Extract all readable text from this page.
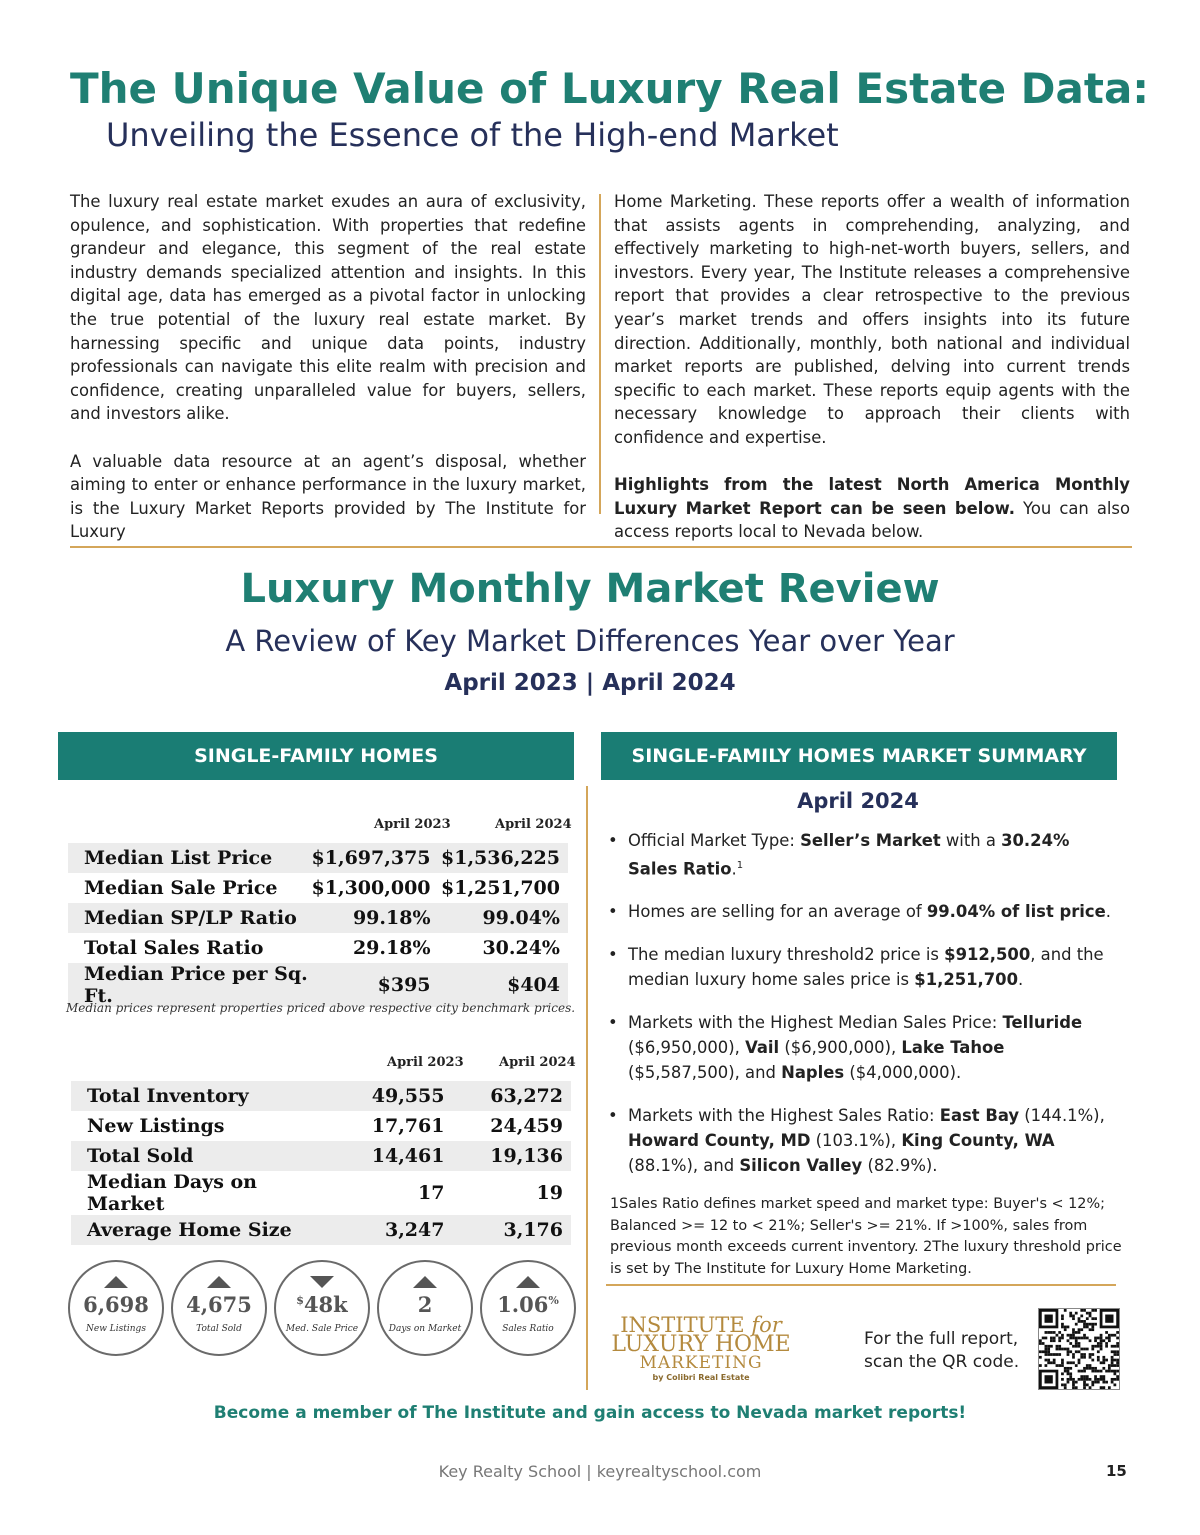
The Unique Value of Luxury Real Estate Data:
Unveiling the Essence of the High-end Market

The luxury real estate market exudes an aura of exclusivity, opulence, and sophistication. With properties that redefine grandeur and elegance, this segment of the real estate industry demands specialized attention and insights. In this digital age, data has emerged as a pivotal factor in unlocking the true potential of the luxury real estate market. By harnessing specific and unique data points, industry professionals can navigate this elite realm with precision and confidence, creating unparalleled value for buyers, sellers, and investors alike.

A valuable data resource at an agent’s disposal, whether aiming to enter or enhance performance in the luxury market, is the Luxury Market Reports provided by The Institute for Luxury

Home Marketing. These reports offer a wealth of information that assists agents in comprehending, analyzing, and effectively marketing to high-net-worth buyers, sellers, and investors. Every year, The Institute releases a comprehensive report that provides a clear retrospective to the previous year’s market trends and offers insights into its future direction. Additionally, monthly, both national and individual market reports are published, delving into current trends specific to each market. These reports equip agents with the necessary knowledge to approach their clients with confidence and expertise.

Highlights from the latest North America Monthly Luxury Market Report can be seen below. You can also access reports local to Nevada below.

Luxury Monthly Market Review
A Review of Key Market Differences Year over Year
April 2023 | April 2024
SINGLE-FAMILY HOMES
April 2023	April 2024
Median List Price	$1,697,375	$1,536,225
Median Sale Price	$1,300,000	$1,251,700
Median SP/LP Ratio	99.18%	99.04%
Total Sales Ratio	29.18%	30.24%
Median Price per Sq. Ft.	$395	$404
Median prices represent properties priced above respective city benchmark prices.
April 2023	April 2024
Total Inventory	49,555	63,272
New Listings	17,761	24,459
Total Sold	14,461	19,136
Median Days on Market	17	19
Average Home Size	3,247	3,176
6,698
New Listings
4,675
Total Sold
$48k
Med. Sale Price
2
Days on Market
1.06%
Sales Ratio
SINGLE-FAMILY HOMES MARKET SUMMARY
April 2024
• Official Market Type: Seller’s Market with a 30.24% Sales Ratio.$^1$
• Homes are selling for an average of 99.04% of list price.
• The median luxury threshold2 price is $912,500, and the median luxury home sales price is $1,251,700.
• Markets with the Highest Median Sales Price: Telluride ($6,950,000), Vail ($6,900,000), Lake Tahoe ($5,587,500), and Naples ($4,000,000).
• Markets with the Highest Sales Ratio: East Bay (144.1%), Howard County, MD (103.1%), King County, WA (88.1%), and Silicon Valley (82.9%).
1Sales Ratio defines market speed and market type: Buyer's < 12%; Balanced >= 12 to < 21%; Seller's >= 21%. If >100%, sales from previous month exceeds current inventory. 2The luxury threshold price is set by The Institute for Luxury Home Marketing.
INSTITUTE for
LUXURY HOME
MARKETING
by Colibri Real Estate
For the full report,
scan the QR code.
Become a member of The Institute and gain access to Nevada market reports!
Key Realty School | keyrealtyschool.com	15
